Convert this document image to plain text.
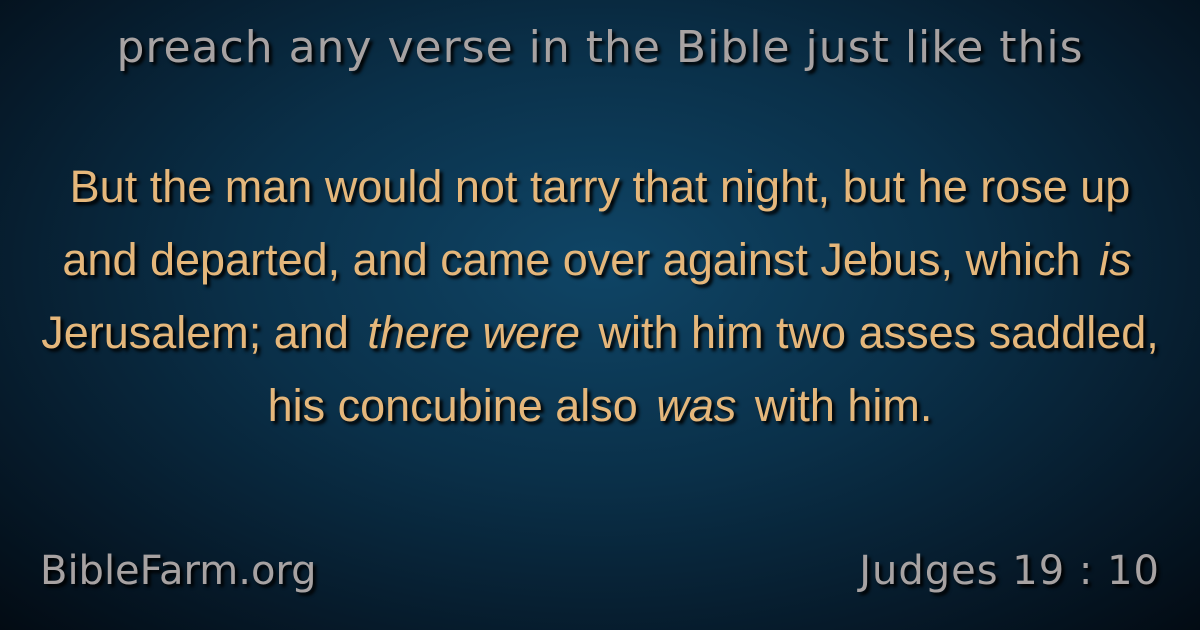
preach any verse in the Bible just like this
But the man would not tarry that night, but he rose up and departed, and came over against Jebus, which is Jerusalem; and there were with him two asses saddled, his concubine also was with him.
BibleFarm.org	Judges 19 : 10
